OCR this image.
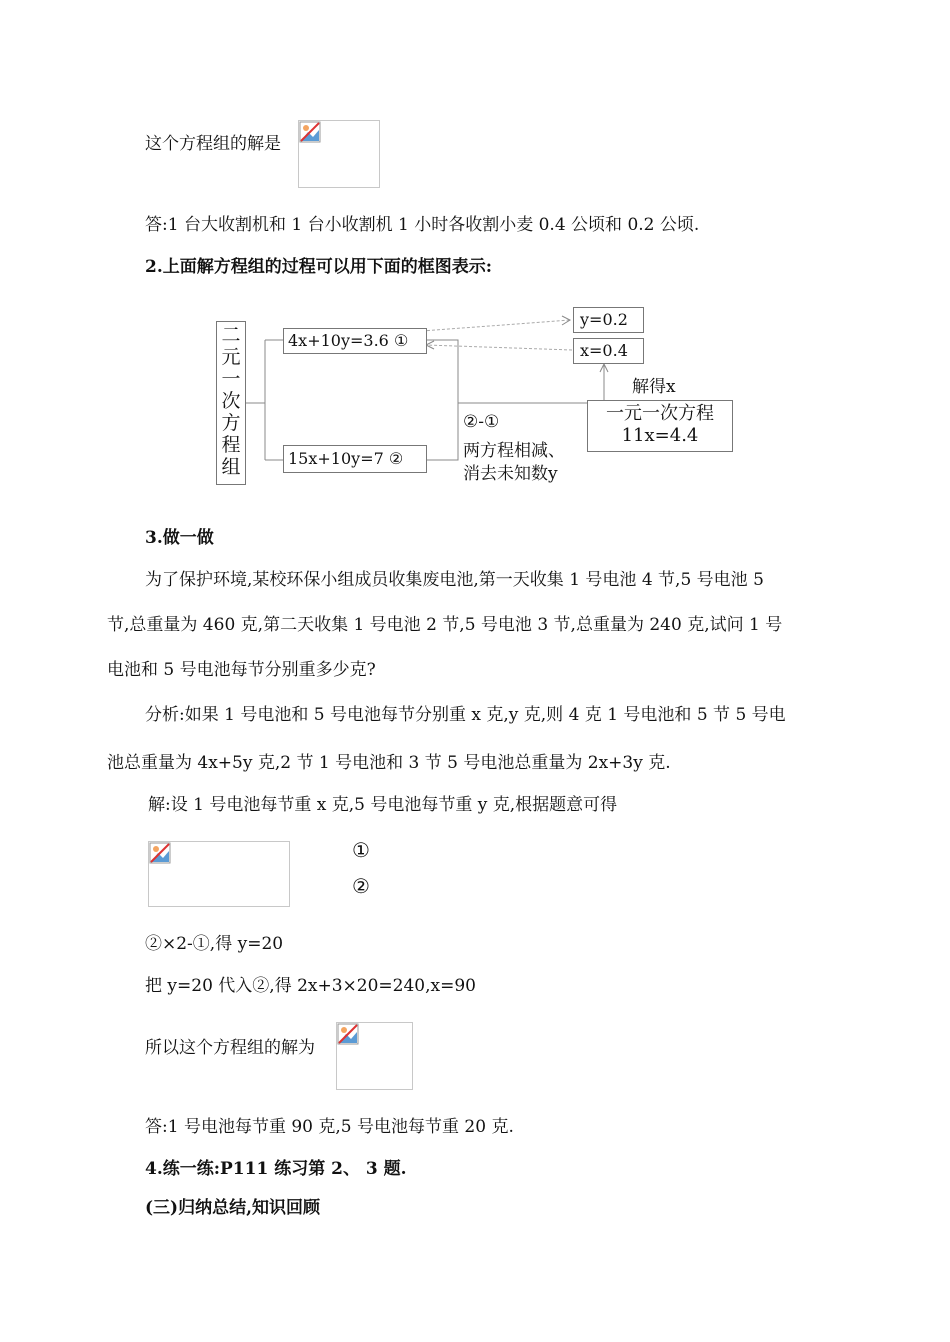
这个方程组的解是
答:1 台大收割机和 1 台小收割机 1 小时各收割小麦 0.4 公顷和 0.2 公顷.
2.上面解方程组的过程可以用下面的框图表示:
二元一次方程组
4x+10y=3.6 ①
15x+10y=7 ②
y=0.2
x=0.4
解得x
②-①
两方程相减、
消去未知数y
一元一次方程
11x=4.4
3.做一做
为了保护环境,某校环保小组成员收集废电池,第一天收集 1 号电池 4 节,5 号电池 5
节,总重量为 460 克,第二天收集 1 号电池 2 节,5 号电池 3 节,总重量为 240 克,试问 1 号
电池和 5 号电池每节分别重多少克?
分析:如果 1 号电池和 5 号电池每节分别重 x 克,y 克,则 4 克 1 号电池和 5 节 5 号电
池总重量为 4x+5y 克,2 节 1 号电池和 3 节 5 号电池总重量为 2x+3y 克.
解:设 1 号电池每节重 x 克,5 号电池每节重 y 克,根据题意可得
①
②
②×2-①,得 y=20
把 y=20 代入②,得 2x+3×20=240,x=90
所以这个方程组的解为
答:1 号电池每节重 90 克,5 号电池每节重 20 克.
4.练一练:P111 练习第 2、 3 题.
(三)归纳总结,知识回顾
